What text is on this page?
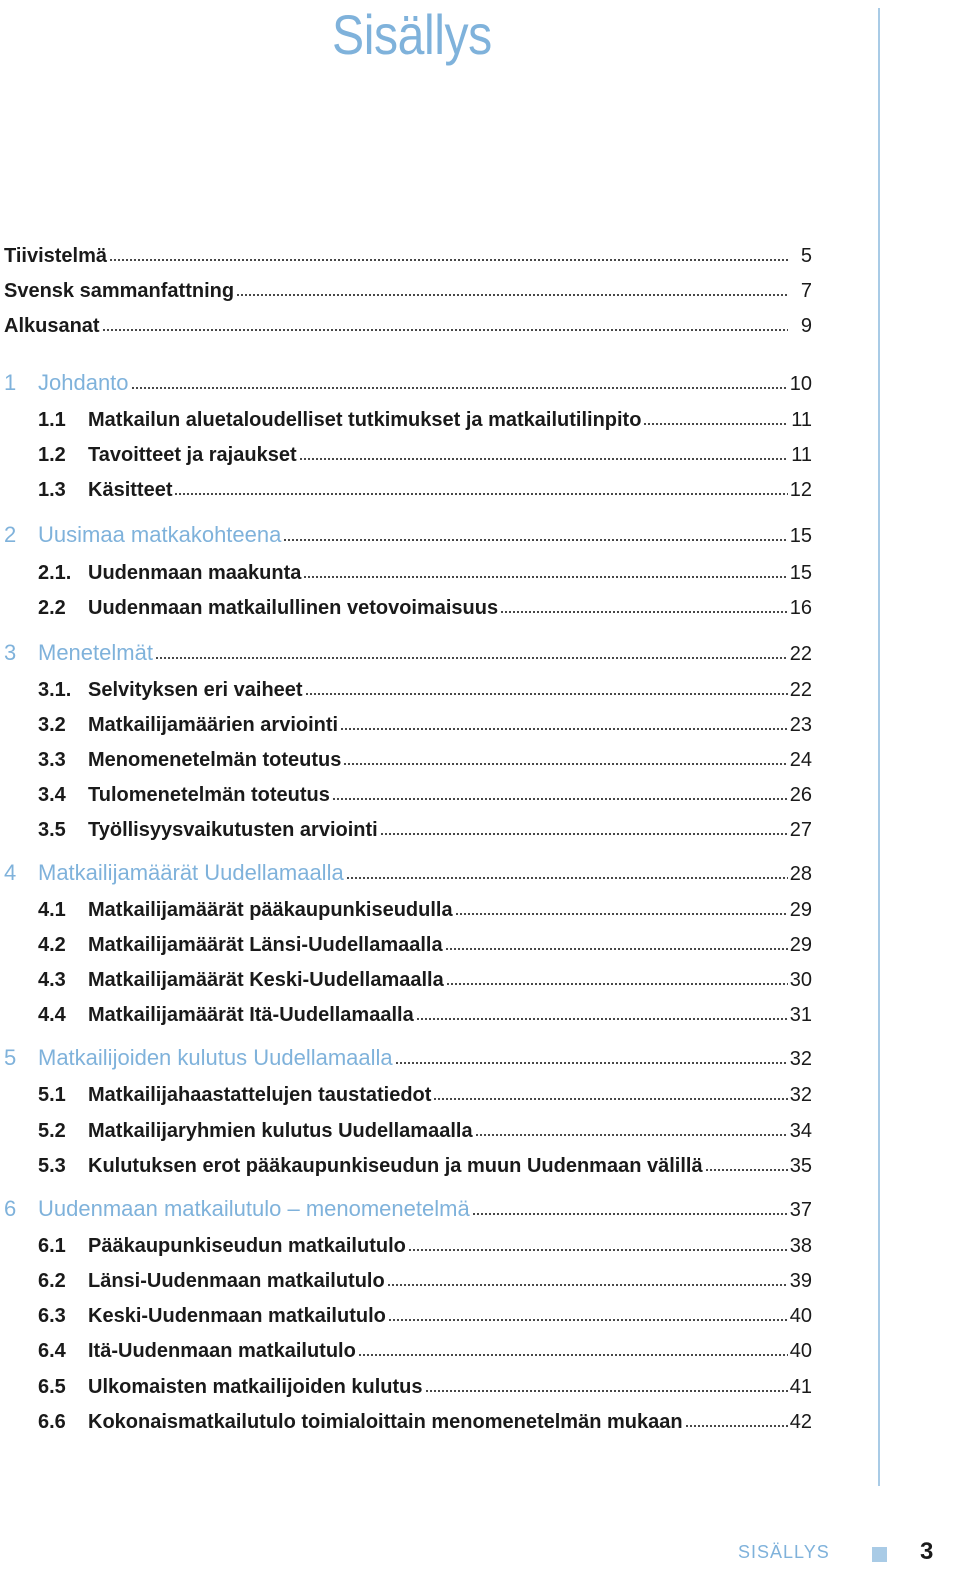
Sisällys
Tiivistelmä	5
Svensk sammanfattning	7
Alkusanat	9
1 Johdanto	10
1.1	Matkailun aluetaloudelliset tutkimukset ja matkailutilinpito	11
1.2	Tavoitteet ja rajaukset	11
1.3	Käsitteet	12
2 Uusimaa matkakohteena	15
2.1. Uudenmaan maakunta	15
2.2	Uudenmaan matkailullinen vetovoimaisuus	16
3 Menetelmät	22
3.1. Selvityksen eri vaiheet	22
3.2	Matkailijamäärien arviointi	23
3.3	Menomenetelmän toteutus	24
3.4	Tulomenetelmän toteutus	26
3.5	Työllisyysvaikutusten arviointi	27
4 Matkailijamäärät Uudellamaalla	28
4.1	Matkailijamäärät pääkaupunkiseudulla	29
4.2	Matkailijamäärät Länsi-Uudellamaalla	29
4.3	Matkailijamäärät Keski-Uudellamaalla	30
4.4	Matkailijamäärät Itä-Uudellamaalla	31
5 Matkailijoiden kulutus Uudellamaalla	32
5.1	Matkailijahaastattelujen taustatiedot	32
5.2	Matkailijaryhmien kulutus Uudellamaalla	34
5.3	Kulutuksen erot pääkaupunkiseudun ja muun Uudenmaan välillä	35
6 Uudenmaan matkailutulo – menomenetelmä	37
6.1	Pääkaupunkiseudun matkailutulo	38
6.2	Länsi-Uudenmaan matkailutulo	39
6.3	Keski-Uudenmaan matkailutulo	40
6.4	Itä-Uudenmaan matkailutulo	40
6.5	Ulkomaisten matkailijoiden kulutus	41
6.6	Kokonaismatkailutulo toimialoittain menomenetelmän mukaan	42
SISÄLLYS	3
